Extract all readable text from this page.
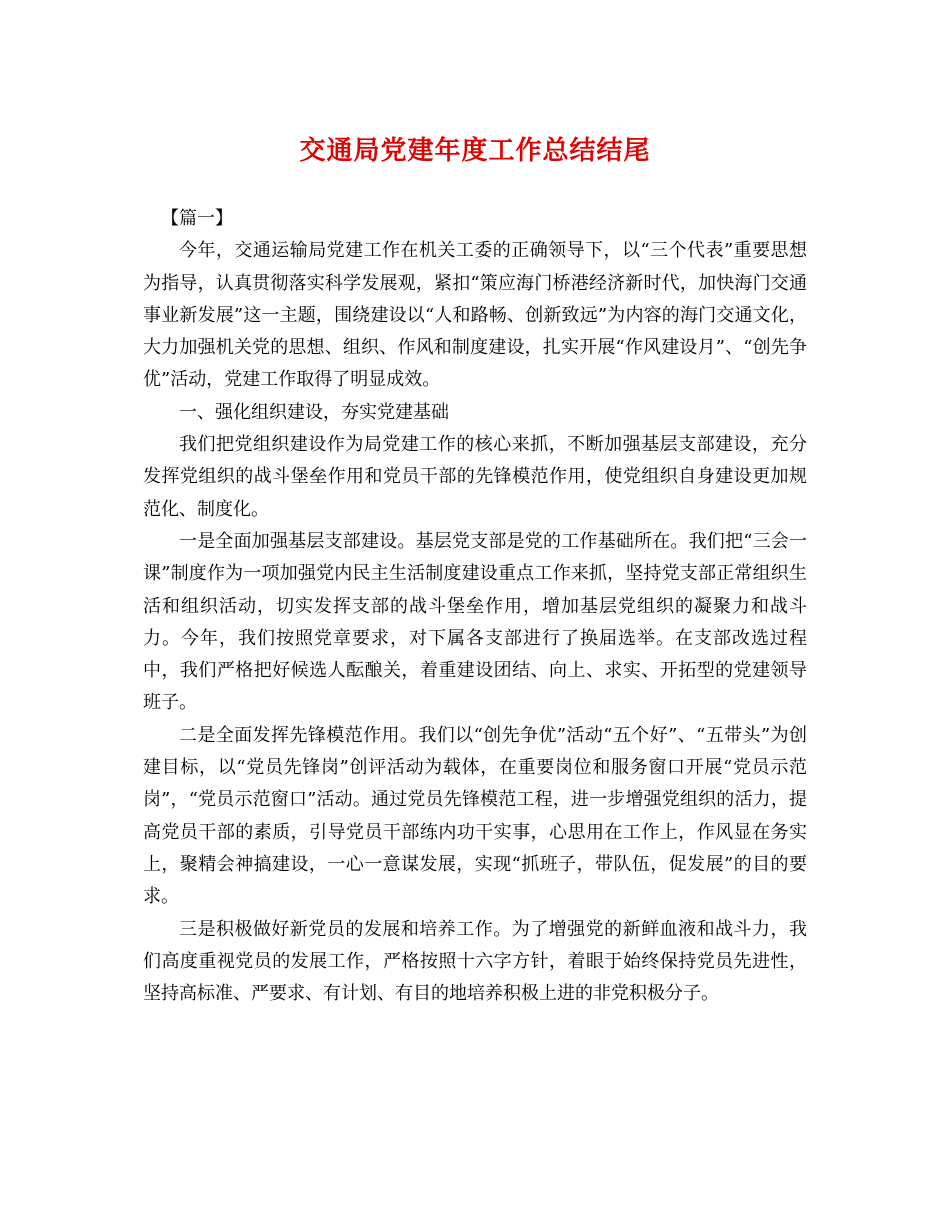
交通局党建年度工作总结结尾

【篇一】

今年，交通运输局党建工作在机关工委的正确领导下，以“三个代表”重要思想为指导，认真贯彻落实科学发展观，紧扣“策应海门桥港经济新时代，加快海门交通事业新发展”这一主题，围绕建设以“人和路畅、创新致远”为内容的海门交通文化，大力加强机关党的思想、组织、作风和制度建设，扎实开展“作风建设月”、“创先争优”活动，党建工作取得了明显成效。

一、强化组织建设，夯实党建基础

我们把党组织建设作为局党建工作的核心来抓，不断加强基层支部建设，充分发挥党组织的战斗堡垒作用和党员干部的先锋模范作用，使党组织自身建设更加规范化、制度化。

一是全面加强基层支部建设。基层党支部是党的工作基础所在。我们把“三会一课”制度作为一项加强党内民主生活制度建设重点工作来抓，坚持党支部正常组织生活和组织活动，切实发挥支部的战斗堡垒作用，增加基层党组织的凝聚力和战斗力。今年，我们按照党章要求，对下属各支部进行了换届选举。在支部改选过程中，我们严格把好候选人酝酿关，着重建设团结、向上、求实、开拓型的党建领导班子。

二是全面发挥先锋模范作用。我们以“创先争优”活动“五个好”、“五带头”为创建目标，以“党员先锋岗”创评活动为载体，在重要岗位和服务窗口开展“党员示范岗”，“党员示范窗口”活动。通过党员先锋模范工程，进一步增强党组织的活力，提高党员干部的素质，引导党员干部练内功干实事，心思用在工作上，作风显在务实上，聚精会神搞建设，一心一意谋发展，实现“抓班子，带队伍，促发展”的目的要求。

三是积极做好新党员的发展和培养工作。为了增强党的新鲜血液和战斗力，我们高度重视党员的发展工作，严格按照十六字方针，着眼于始终保持党员先进性，坚持高标准、严要求、有计划、有目的地培养积极上进的非党积极分子。
